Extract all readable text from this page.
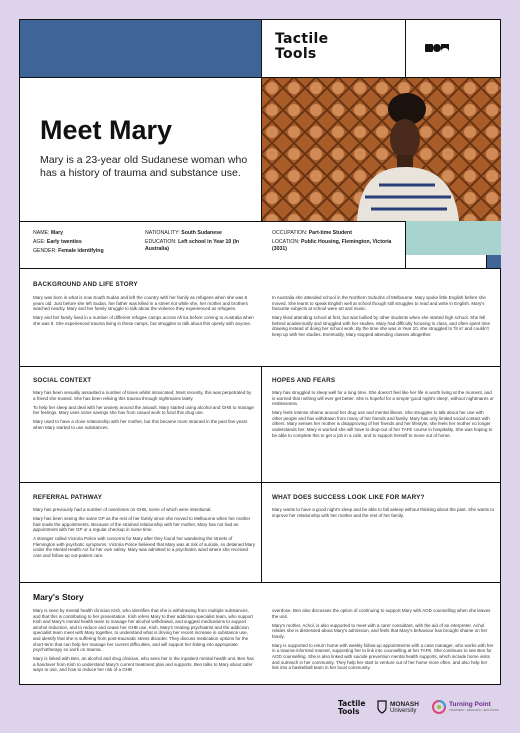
Tactile
Tools
Meet Mary
Mary is a 23-year old Sudanese woman who has a history of trauma and substance use.
NAME: Mary
AGE: Early twenties
GENDER: Female identifying
NATIONALITY: South Sudanese
EDUCATION: Left school in Year 10 (In Australia)
OCCUPATION: Part-time Student
LOCATION: Public Housing, Flemington, Victoria (3031)
BACKGROUND AND LIFE STORY

Mary was born in what is now South Sudan and left the country with her family as refugees when she was 6 years old. Just before she left Sudan, her father was killed in a street riot while she, her mother and brothers watched nearby. Mary and her family struggle to talk about the violence they experienced as refugees.

Mary and her family lived in a number of different refugee camps across Africa before coming to Australia when she was 9. She experienced trauma living in these camps, but struggles to talk about this openly with anyone.

In Australia she attended school in the Northern Suburbs of Melbourne. Mary spoke little English before she moved. She learnt to speak English well at school though still struggles to read and write in English. Mary's favourite subjects at school were art and music.

Mary liked attending school at first, but was bullied by other students when she started high school. She fell behind academically and struggled with her studies. Mary had difficulty focusing in class, and often spent time drawing instead of doing her school work. By the time she was in Year 10, she struggled to 'fit in' and couldn't keep up with her studies. Eventually, Mary stopped attending classes altogether.

SOCIAL CONTEXT

Mary has been sexually assaulted a number of times whilst intoxicated. Most recently, this was perpetrated by a friend she trusted. She has been reliving this trauma through nightmares lately.

To help her sleep and deal with her anxiety around the assault, Mary started using alcohol and GHB to manage her feelings. Mary uses some savings she has from casual work to fund this drug use.

Mary used to have a close relationship with her mother, but this became more strained in the past few years when Mary started to use substances.

HOPES AND FEARS

Mary has struggled to sleep well for a long time. She doesn't feel like her life is worth living at the moment, and is worried that nothing will ever get better. She is hopeful for a simple 'good night's sleep', without nightmares or restlessness.

Mary feels intense shame around her drug use and mental illness. She struggles to talk about her use with other people and has withdrawn from many of her friends and family. Mary has only limited social contact with others. Mary senses her mother is disapproving of her friends and her lifestyle; she feels her mother no longer understands her. Mary is worried she will have to drop-out of her TAFE course in hospitality. She was hoping to be able to complete this to get a job in a cafe, and to support herself to move out of home.

REFERRAL PATHWAY

Mary has previously had a number of overdoses on GHB, some of which were intentional.

Mary has been seeing the same GP as the rest of her family since she moved to Melbourne when her mother had made the appointments. Because of the strained relationship with her mother, Mary has not had an appointment with her GP or a regular checkup in some time.

A stranger called Victoria Police with concerns for Mary after they found her wandering the streets of Flemington with psychotic symptoms. Victoria Police believed that Mary was at risk of suicide, so detained Mary under the Mental Health Act for her own safety. Mary was admitted to a psychiatric ward where she received care and follow-up out-patient care.

WHAT DOES SUCCESS LOOK LIKE FOR MARY?

Mary wants to have a good night's sleep and be able to fall asleep without thinking about the past. She wants to improve her relationship with her mother and the rest of her family.

Mary's Story

Mary is seen by mental health clinician Kish, who identifies that she is withdrawing from multiple substances, and that this is contributing to her presentation. Kish refers Mary to their addiction specialist team, who support Kish and Mary's mental health team to manage her alcohol withdrawal, and suggest medications to support alcohol reduction, and to reduce and cease her GHB use. Kish, Mary's treating psychiatrist and the addiction specialist team meet with Mary together, to understand what is driving her recent increase in substance use, and identify that she is suffering from post-traumatic stress disorder. They discuss medication options for the short-term that can help her manage her current difficulties, and will support her linking into appropriate psychotherapy so work on trauma.

Mary is linked with Ben, an alcohol and drug clinician, who sees her in the inpatient mental health unit. Ben has a handover from Kish to understand Mary's current treatment plan and supports. Ben talks to Mary about safer ways to use, and how to reduce her risk of a GHB

overdose. Ben also discusses the option of continuing to support Mary with AOD counselling when she leaves the unit.

Mary's mother, Achol, is also supported to meet with a carer consultant, with the aid of an interpreter. Achol relates she is distressed about Mary's admission, and feels that Mary's behaviour has brought shame on her family.

Mary is supported to return home with weekly follow-up appointments with a case manager, who works with her in a trauma-informed manner, supporting her to link into counselling at her TAFE. She continues to see Ben for AOD counselling. She is also linked with suicide prevention mental health supports, which include home visits and outreach in her community. They help her start to venture out of her home more often, and also help her link into a basketball team in her local community.

Tactile
Tools
MONASH
University
Turning Point
TREATMENT · RESEARCH · EDUCATION
